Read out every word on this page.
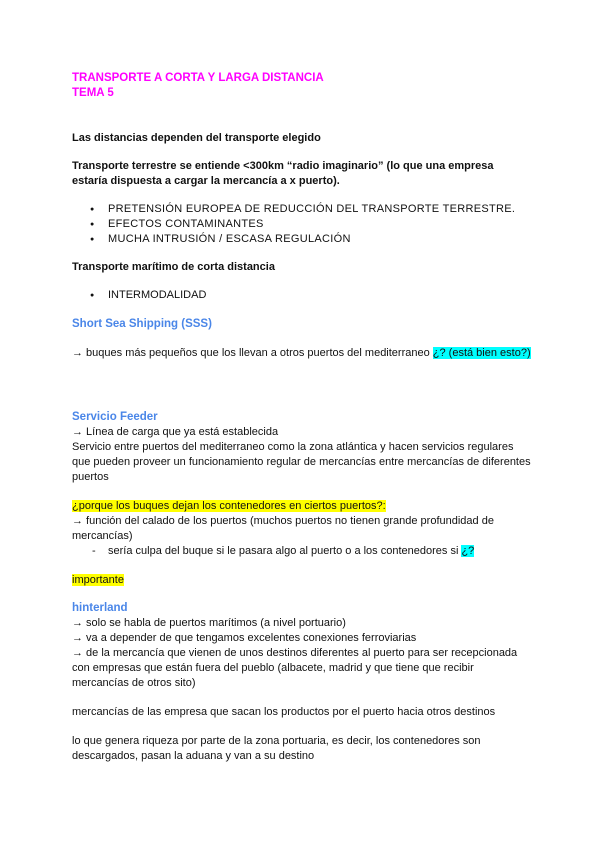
TRANSPORTE A CORTA Y LARGA DISTANCIA

TEMA 5

Las distancias dependen del transporte elegido

Transporte terrestre se entiende <300km “radio imaginario” (lo que una empresa estaría dispuesta a cargar la mercancía a x puerto).

● PRETENSIÓN EUROPEA DE REDUCCIÓN DEL TRANSPORTE TERRESTRE.
● EFECTOS CONTAMINANTES
● MUCHA INTRUSIÓN / ESCASA REGULACIÓN

Transporte marítimo de corta distancia

● INTERMODALIDAD

Short Sea Shipping (SSS)

→ buques más pequeños que los llevan a otros puertos del mediterraneo ¿? (está bien esto?)

Servicio Feeder

→ Línea de carga que ya está establecida

Servicio entre puertos del mediterraneo como la zona atlántica y hacen servicios regulares que pueden proveer un funcionamiento regular de mercancías entre mercancías de diferentes puertos

¿porque los buques dejan los contenedores en ciertos puertos?:

→ función del calado de los puertos (muchos puertos no tienen grande profundidad de mercancías)

- sería culpa del buque si le pasara algo al puerto o a los contenedores si ¿?

importante

hinterland

→ solo se habla de puertos marítimos (a nivel portuario)

→ va a depender de que tengamos excelentes conexiones ferroviarias

→ de la mercancía que vienen de unos destinos diferentes al puerto para ser recepcionada con empresas que están fuera del pueblo (albacete, madrid y que tiene que recibir mercancías de otros sito)

mercancías de las empresa que sacan los productos por el puerto hacia otros destinos

lo que genera riqueza por parte de la zona portuaria, es decir, los contenedores son descargados, pasan la aduana y van a su destino
